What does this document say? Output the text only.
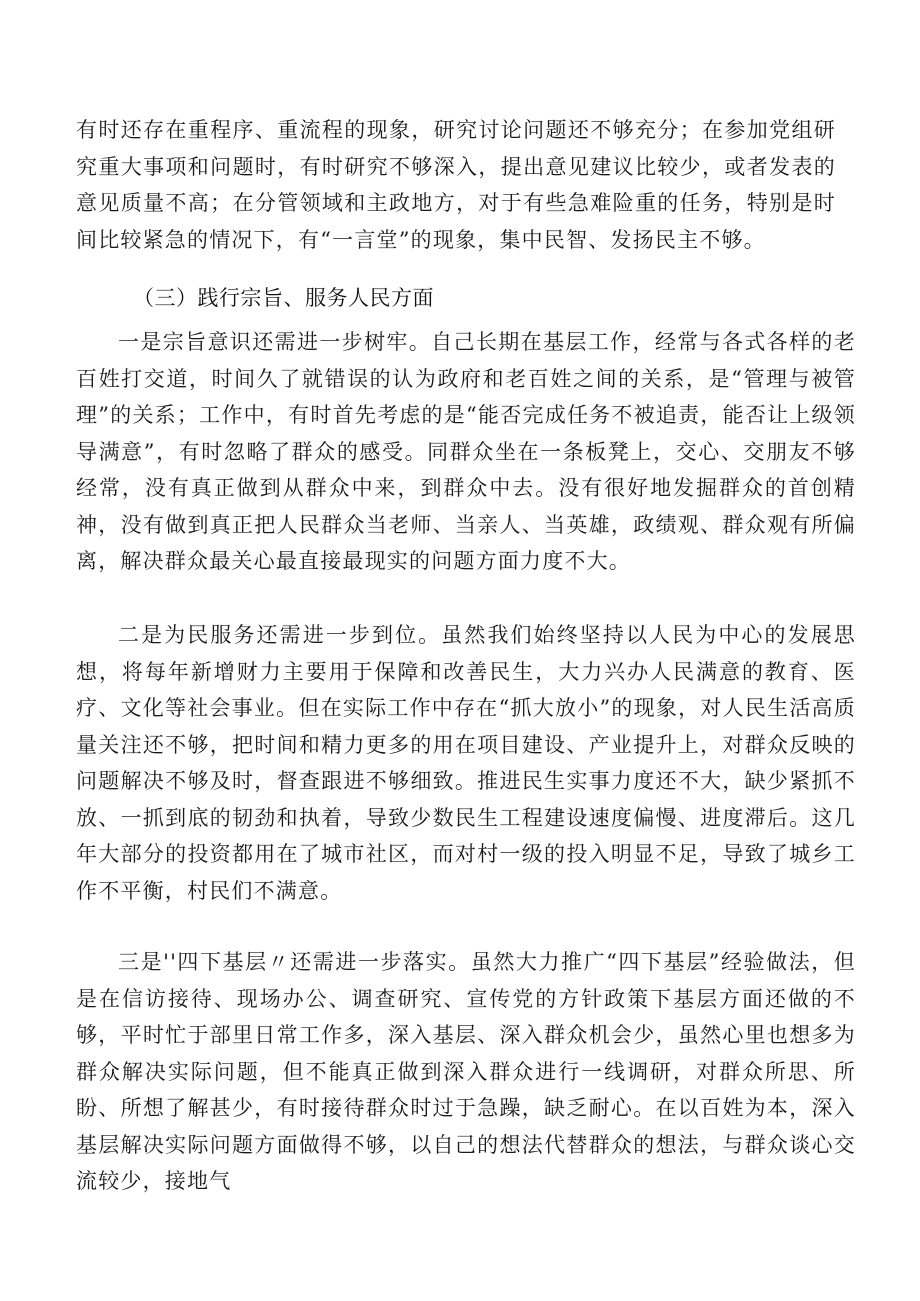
有时还存在重程序、重流程的现象，研究讨论问题还不够充分；在参加党组研究重大事项和问题时，有时研究不够深入，提出意见建议比较少，或者发表的意见质量不高；在分管领域和主政地方，对于有些急难险重的任务，特别是时间比较紧急的情况下，有“一言堂”的现象，集中民智、发扬民主不够。
（三）践行宗旨、服务人民方面
一是宗旨意识还需进一步树牢。自己长期在基层工作，经常与各式各样的老百姓打交道，时间久了就错误的认为政府和老百姓之间的关系，是“管理与被管理”的关系；工作中，有时首先考虑的是“能否完成任务不被追责，能否让上级领导满意”，有时忽略了群众的感受。同群众坐在一条板凳上，交心、交朋友不够经常，没有真正做到从群众中来，到群众中去。没有很好地发掘群众的首创精神，没有做到真正把人民群众当老师、当亲人、当英雄，政绩观、群众观有所偏离，解决群众最关心最直接最现实的问题方面力度不大。
二是为民服务还需进一步到位。虽然我们始终坚持以人民为中心的发展思想，将每年新增财力主要用于保障和改善民生，大力兴办人民满意的教育、医疗、文化等社会事业。但在实际工作中存在“抓大放小”的现象，对人民生活高质量关注还不够，把时间和精力更多的用在项目建设、产业提升上，对群众反映的问题解决不够及时，督查跟进不够细致。推进民生实事力度还不大，缺少紧抓不放、一抓到底的韧劲和执着，导致少数民生工程建设速度偏慢、进度滞后。这几年大部分的投资都用在了城市社区，而对村一级的投入明显不足，导致了城乡工作不平衡，村民们不满意。
三是''四下基层〃还需进一步落实。虽然大力推广“四下基层”经验做法，但是在信访接待、现场办公、调查研究、宣传党的方针政策下基层方面还做的不够，平时忙于部里日常工作多，深入基层、深入群众机会少，虽然心里也想多为群众解决实际问题，但不能真正做到深入群众进行一线调研，对群众所思、所盼、所想了解甚少，有时接待群众时过于急躁，缺乏耐心。在以百姓为本，深入基层解决实际问题方面做得不够，以自己的想法代替群众的想法，与群众谈心交流较少，接地气
